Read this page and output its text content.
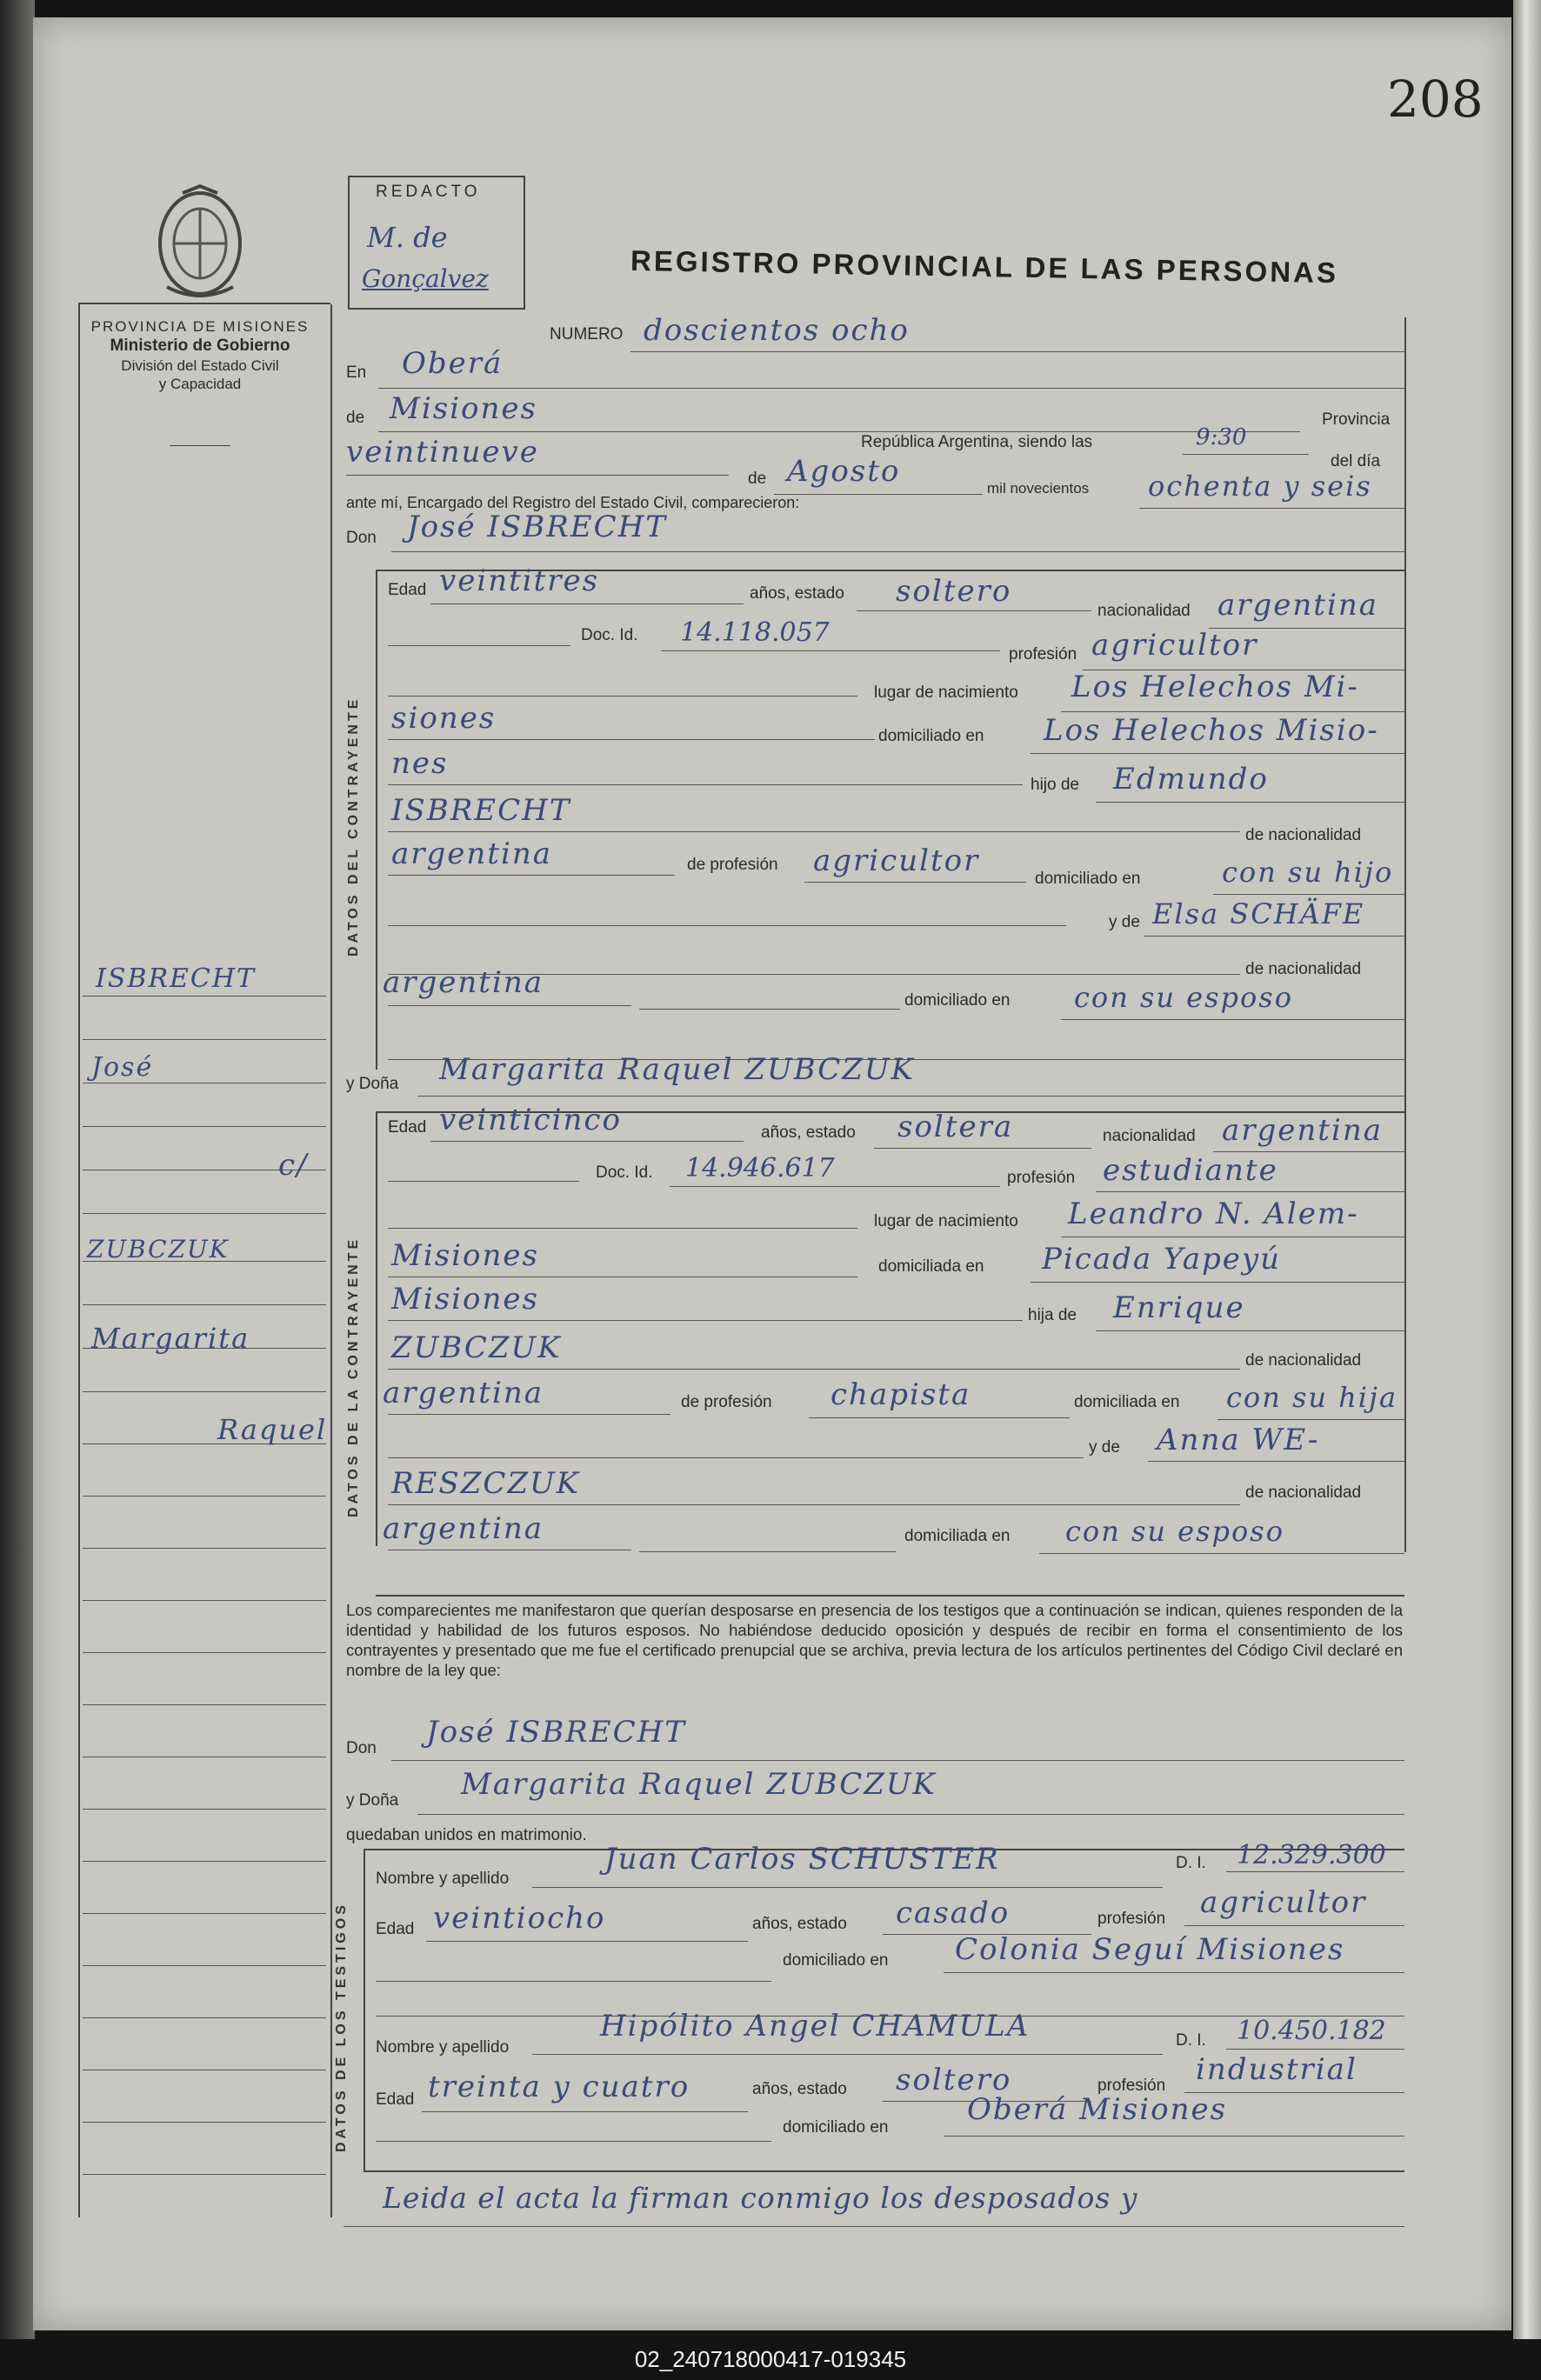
208
PROVINCIA DE MISIONES
Ministerio de Gobierno
División del Estado Civil
y Capacidad
REDACTO
M. de
Gonçalvez	REGISTRO PROVINCIAL DE LAS PERSONAS
ISBRECHT
José
c/
ZUBCZUK
Margarita
Raquel
NUMERO doscientos ocho
En Oberá
de Misiones	Provincia
veintinueve	República Argentina, siendo las	9:30
del día
de Agosto	mil novecientos ochenta y seis
ante mí, Encargado del Registro del Estado Civil, comparecieron:
Don José ISBRECHT
DATOS DEL CONTRAYENTE
Edad veintitres	años, estado soltero
nacionalidad argentina
Doc. Id. 14.118.057
profesión agricultor
lugar de nacimiento Los Helechos Mi-
siones
domiciliado en Los Helechos Misio-
nes
hijo de Edmundo
ISBRECHT
de nacionalidad
argentina	de profesión agricultor
domiciliado en	con su hijo
y de Elsa SCHÄFE
de nacionalidad
argentina
domiciliado en con su esposo
y Doña Margarita Raquel ZUBCZUK
DATOS DE LA CONTRAYENTE
Edad veinticinco	años, estado soltera	nacionalidad argentina
Doc. Id. 14.946.617	profesión estudiante
lugar de nacimiento Leandro N. Alem-
Misiones	domiciliada en Picada Yapeyú
Misiones	hija de Enrique
ZUBCZUK	de nacionalidad
argentina	de profesión chapista	domiciliada en con su hija
y de Anna WE-
RESZCZUK	de nacionalidad
argentina	domiciliada en con su esposo
Los comparecientes me manifestaron que querían desposarse en presencia de los testigos que a continuación se indican, quienes responden de la identidad y habilidad de los futuros esposos. No habiéndose deducido oposición y después de recibir en forma el consentimiento de los contrayentes y presentado que me fue el certificado prenupcial que se archiva, previa lectura de los artículos pertinentes del Código Civil declaré en nombre de la ley que:
Don José ISBRECHT
y Doña Margarita Raquel ZUBCZUK
quedaban unidos en matrimonio.
DATOS DE LOS TESTIGOS
Nombre y apellido
Juan Carlos SCHUSTER	D. I. 12.329.300
Edad veintiocho	años, estado casado	profesión agricultor
domiciliado en Colonia Seguí Misiones
Nombre y apellido
Hipólito Angel CHAMULA	D. I. 10.450.182
Edad treinta y cuatro	años, estado soltero	profesión industrial
domiciliado en
Oberá Misiones
Leida el acta la firman conmigo los desposados y
02_240718000417-019345
